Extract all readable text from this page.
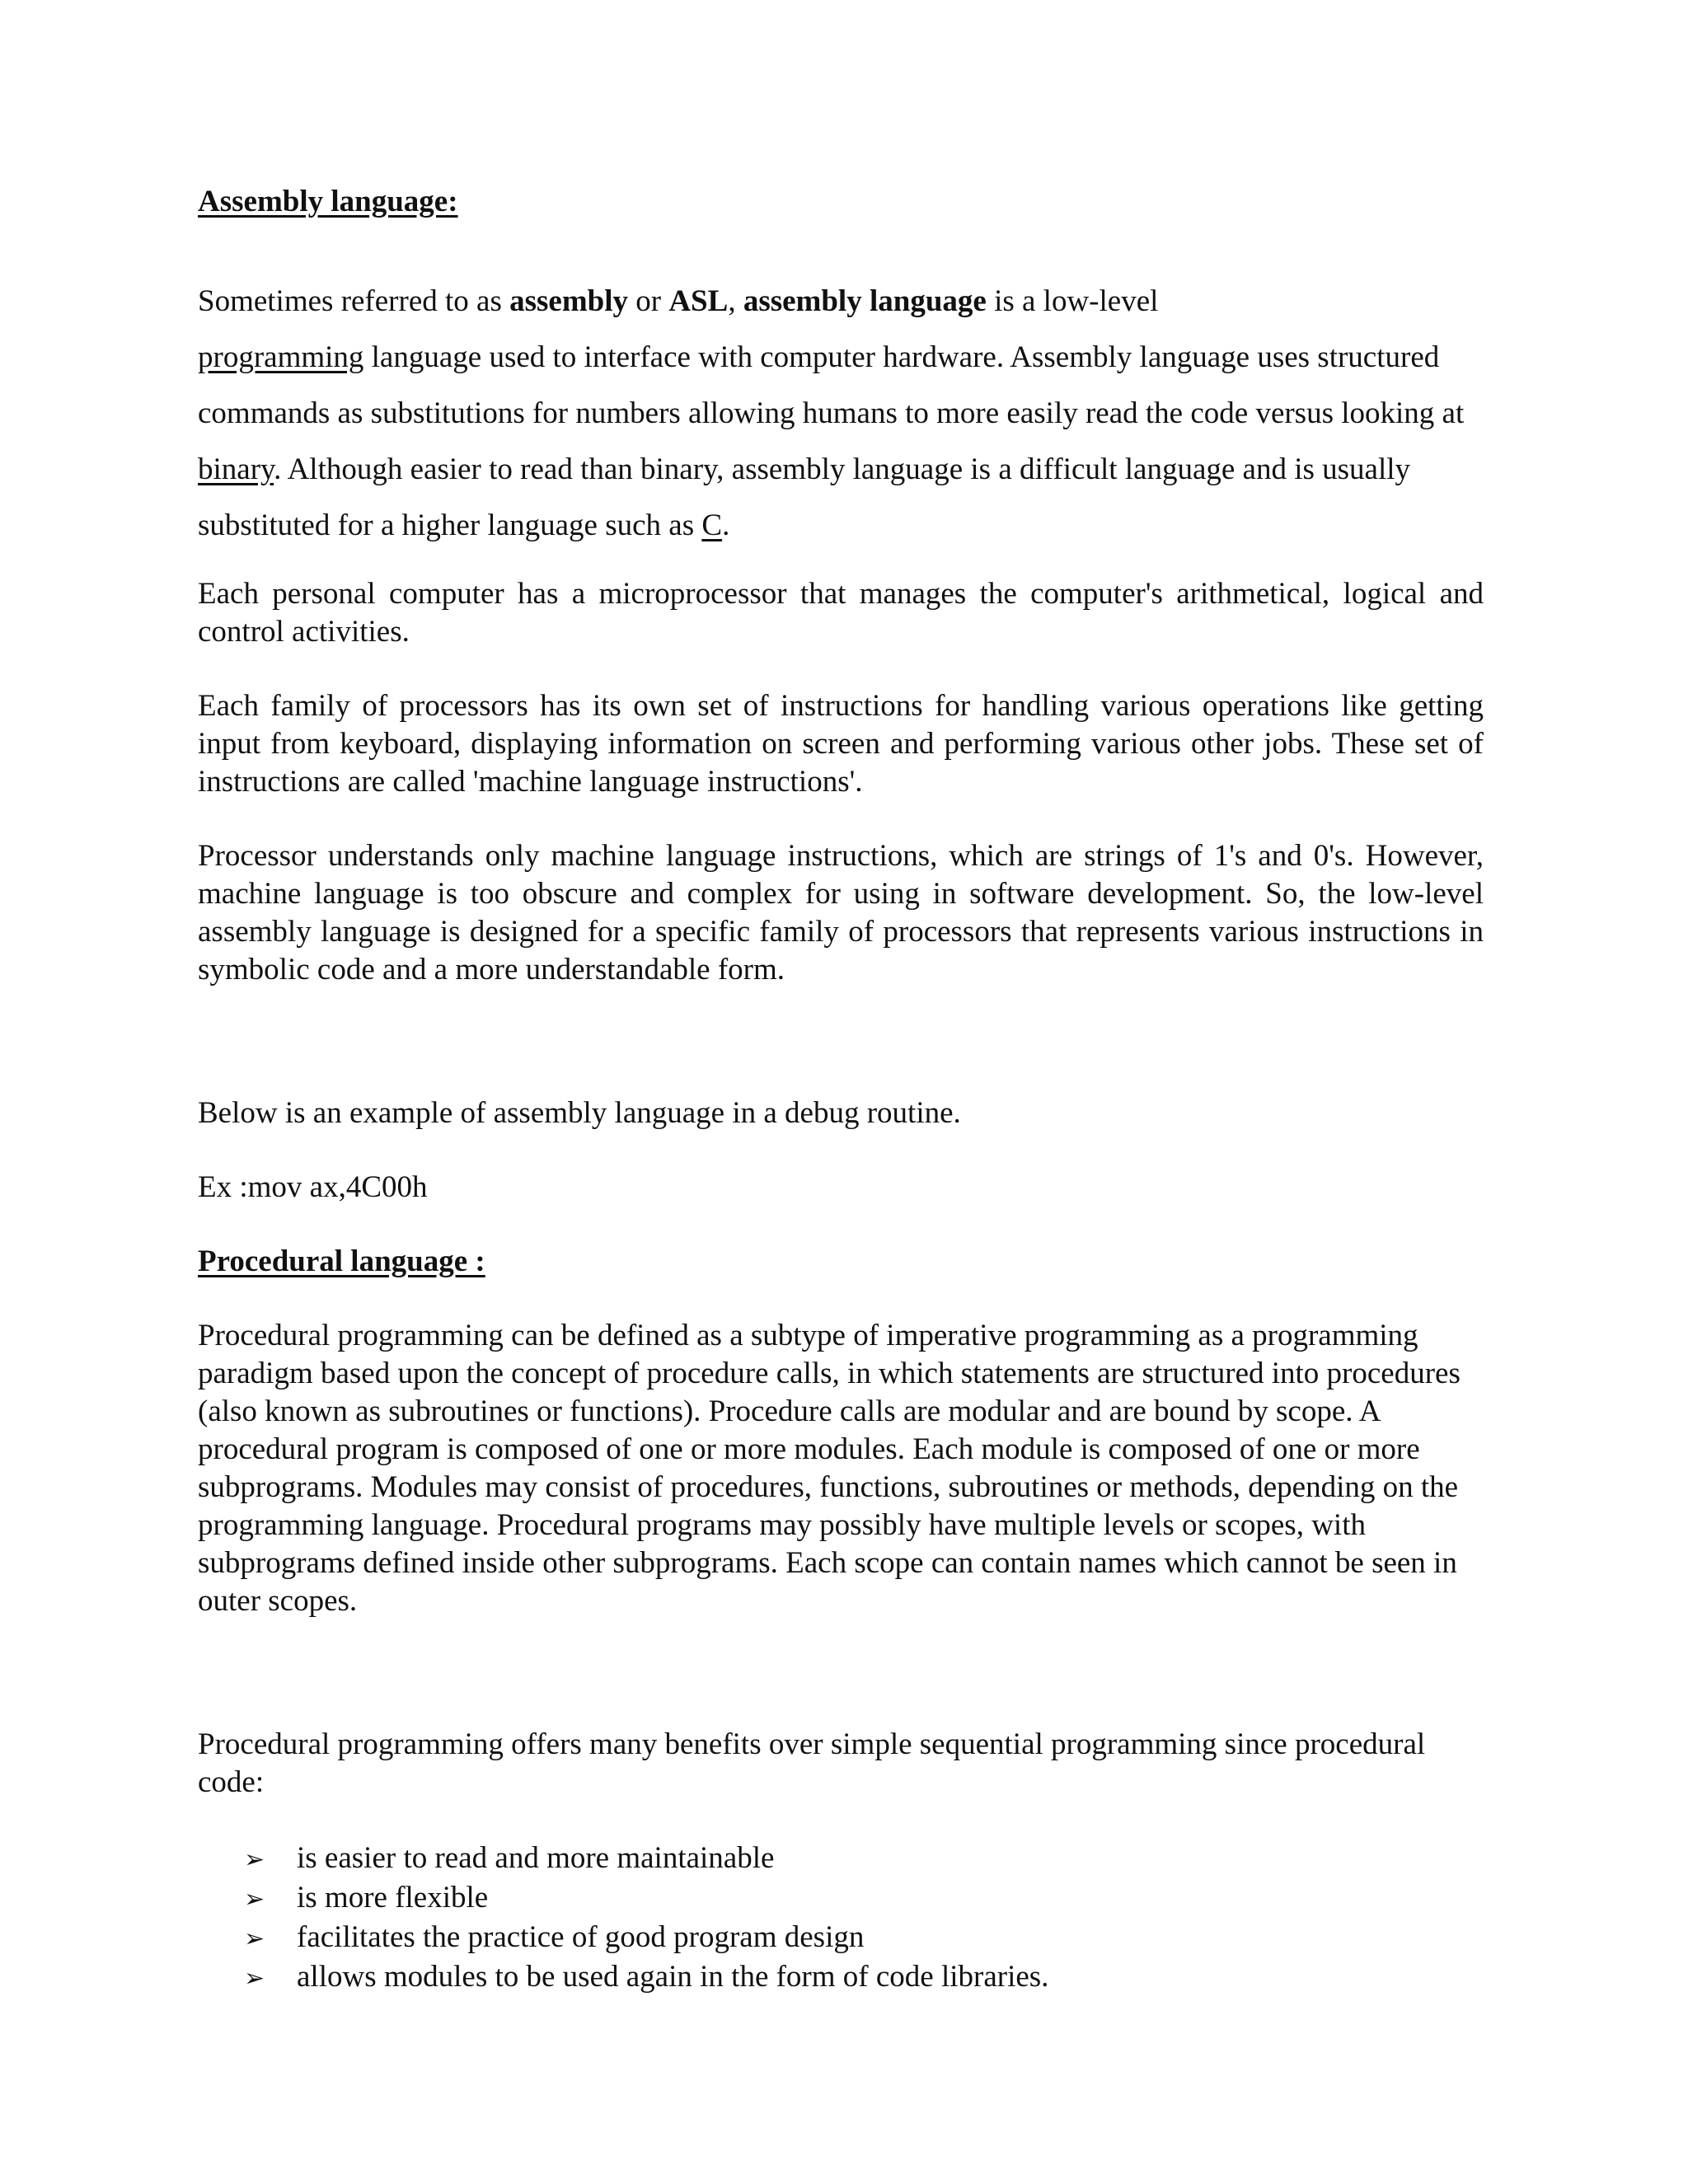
Assembly language:

Sometimes referred to as assembly or ASL, assembly language is a low-level
programming language used to interface with computer hardware. Assembly language uses structured commands as substitutions for numbers allowing humans to more easily read the code versus looking at binary. Although easier to read than binary, assembly language is a difficult language and is usually substituted for a higher language such as C.

Each personal computer has a microprocessor that manages the computer's arithmetical, logical and control activities.

Each family of processors has its own set of instructions for handling various operations like getting input from keyboard, displaying information on screen and performing various other jobs. These set of instructions are called 'machine language instructions'.

Processor understands only machine language instructions, which are strings of 1's and 0's. However, machine language is too obscure and complex for using in software development. So, the low-level assembly language is designed for a specific family of processors that represents various instructions in symbolic code and a more understandable form.

Below is an example of assembly language in a debug routine.

Ex :mov ax,4C00h

Procedural language :

Procedural programming can be defined as a subtype of imperative programming as a programming paradigm based upon the concept of procedure calls, in which statements are structured into procedures (also known as subroutines or functions). Procedure calls are modular and are bound by scope. A procedural program is composed of one or more modules. Each module is composed of one or more subprograms. Modules may consist of procedures, functions, subroutines or methods, depending on the programming language. Procedural programs may possibly have multiple levels or scopes, with subprograms defined inside other subprograms. Each scope can contain names which cannot be seen in outer scopes.

Procedural programming offers many benefits over simple sequential programming since procedural code:

➢	is easier to read and more maintainable
➢	is more flexible
➢	facilitates the practice of good program design
➢	allows modules to be used again in the form of code libraries.
